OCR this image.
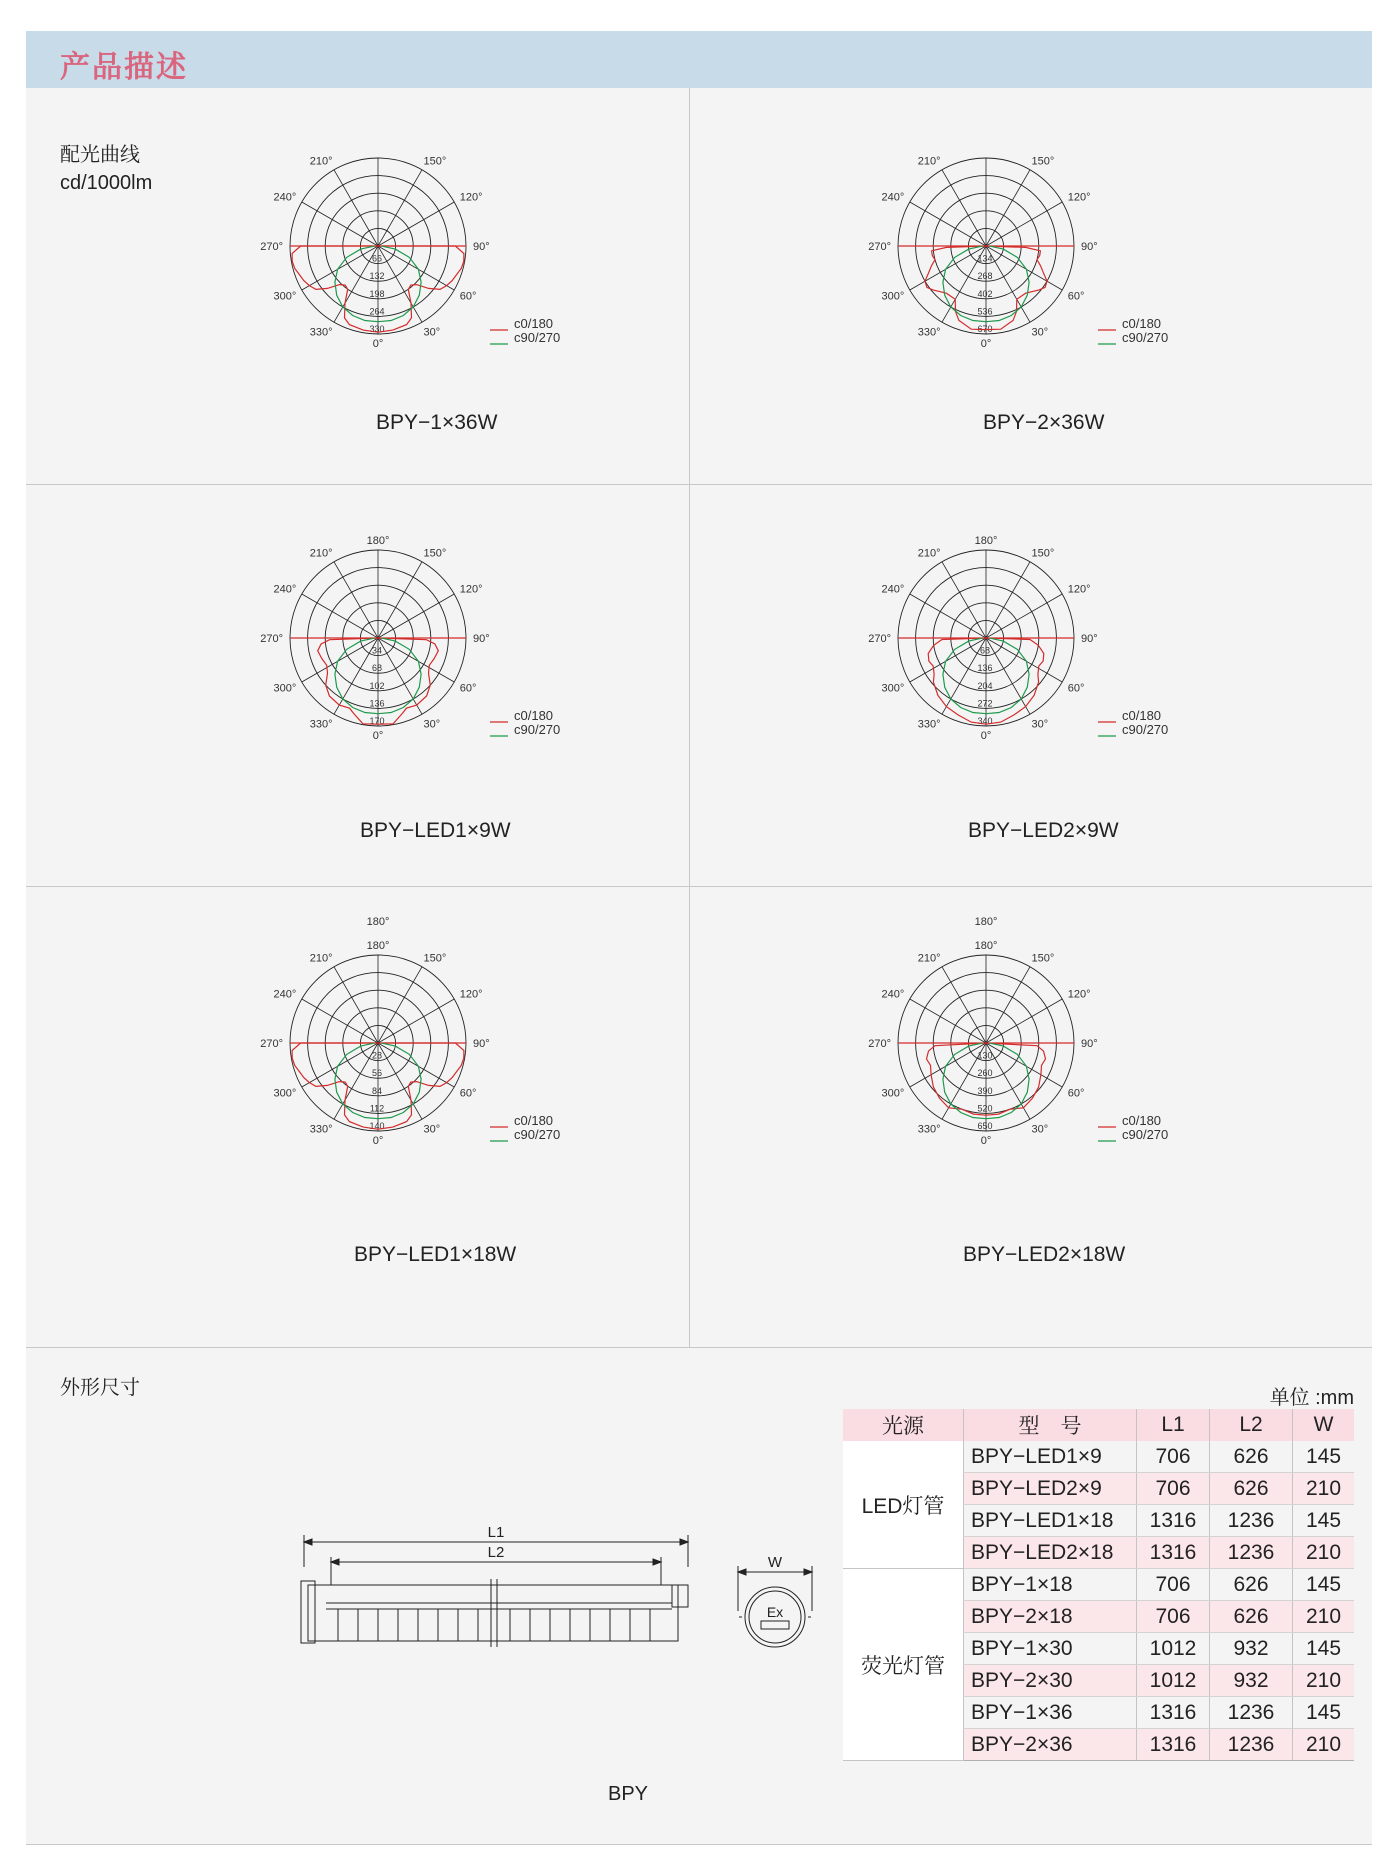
产品描述
配光曲线
cd/1000lm
210°	150°
240°	120°
270°	90°
300°	60°
330°	30°
0°
66
132
198
264
330	c0/180
c90/270
BPY−1×36W
210°	150°
240°	120°
270°	90°
300°	60°
330°	30°
0°
134
268
402
536
670	c0/180
c90/270
BPY−2×36W
180°
210°	150°
240°	120°
270°	90°
300°	60°
330°	30°
0°
34
68
102
136
170	c0/180
c90/270
BPY−LED1×9W
180°
210°	150°
240°	120°
270°	90°
300°	60°
330°	30°
0°
68
136
204
272
340	c0/180
c90/270
BPY−LED2×9W
180°
180°
210°	150°
240°	120°
270°	90°
300°	60°
330°	30°
0°
28
56
84
112
140	c0/180
c90/270
BPY−LED1×18W
180°
180°
210°	150°
240°	120°
270°	90°
300°	60°
330°	30°
0°
130
260
390
520
650	c0/180
c90/270
BPY−LED2×18W
外形尺寸	单位 :mm
光源	型　号	L1	L2	W
LED灯管	BPY−LED1×9	706	626	145
	BPY−LED2×9	706	626	210
	BPY−LED1×18	1316	1236	145
	BPY−LED2×18	1316	1236	210
荧光灯管	BPY−1×18	706	626	145
	BPY−2×18	706	626	210
	BPY−1×30	1012	932	145
	BPY−2×30	1012	932	210
	BPY−1×36	1316	1236	145
	BPY−2×36	1316	1236	210
L1
L2
W
Ex
BPY
